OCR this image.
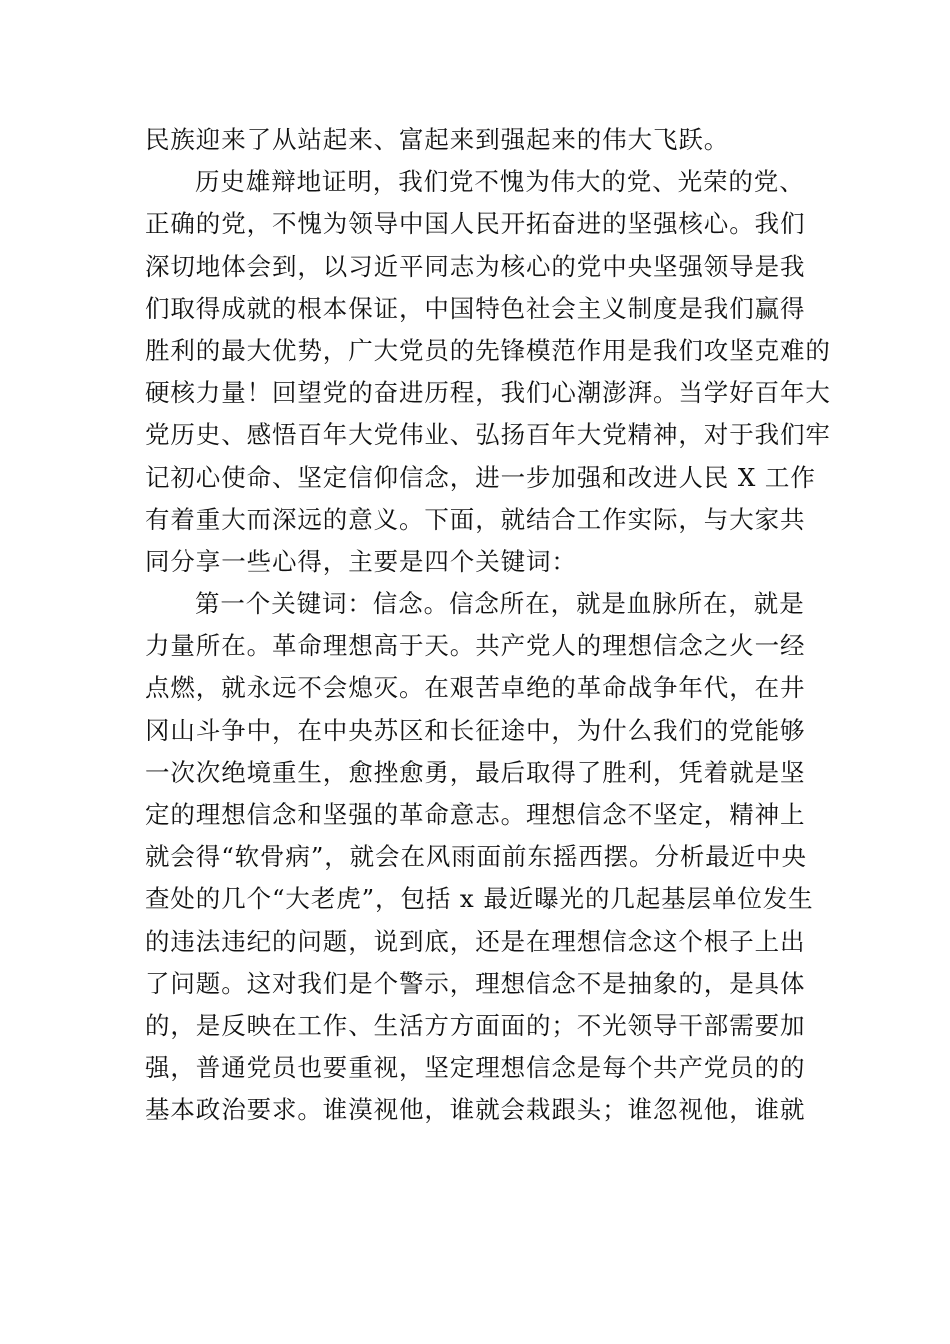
民族迎来了从站起来、富起来到强起来的伟大飞跃。
历史雄辩地证明，我们党不愧为伟大的党、光荣的党、
正确的党，不愧为领导中国人民开拓奋进的坚强核心。我们
深切地体会到，以习近平同志为核心的党中央坚强领导是我
们取得成就的根本保证，中国特色社会主义制度是我们赢得
胜利的最大优势，广大党员的先锋模范作用是我们攻坚克难的
硬核力量！回望党的奋进历程，我们心潮澎湃。当学好百年大
党历史、感悟百年大党伟业、弘扬百年大党精神，对于我们牢
记初心使命、坚定信仰信念，进一步加强和改进人民 X 工作
有着重大而深远的意义。下面，就结合工作实际，与大家共
同分享一些心得，主要是四个关键词：
第一个关键词：信念。信念所在，就是血脉所在，就是
力量所在。革命理想高于天。共产党人的理想信念之火一经
点燃，就永远不会熄灭。在艰苦卓绝的革命战争年代，在井
冈山斗争中，在中央苏区和长征途中，为什么我们的党能够
一次次绝境重生，愈挫愈勇，最后取得了胜利，凭着就是坚
定的理想信念和坚强的革命意志。理想信念不坚定，精神上
就会得“软骨病”，就会在风雨面前东摇西摆。分析最近中央
查处的几个“大老虎”，包括 x 最近曝光的几起基层单位发生
的违法违纪的问题，说到底，还是在理想信念这个根子上出
了问题。这对我们是个警示，理想信念不是抽象的，是具体
的，是反映在工作、生活方方面面的；不光领导干部需要加
强，普通党员也要重视，坚定理想信念是每个共产党员的的
基本政治要求。谁漠视他，谁就会栽跟头；谁忽视他，谁就
